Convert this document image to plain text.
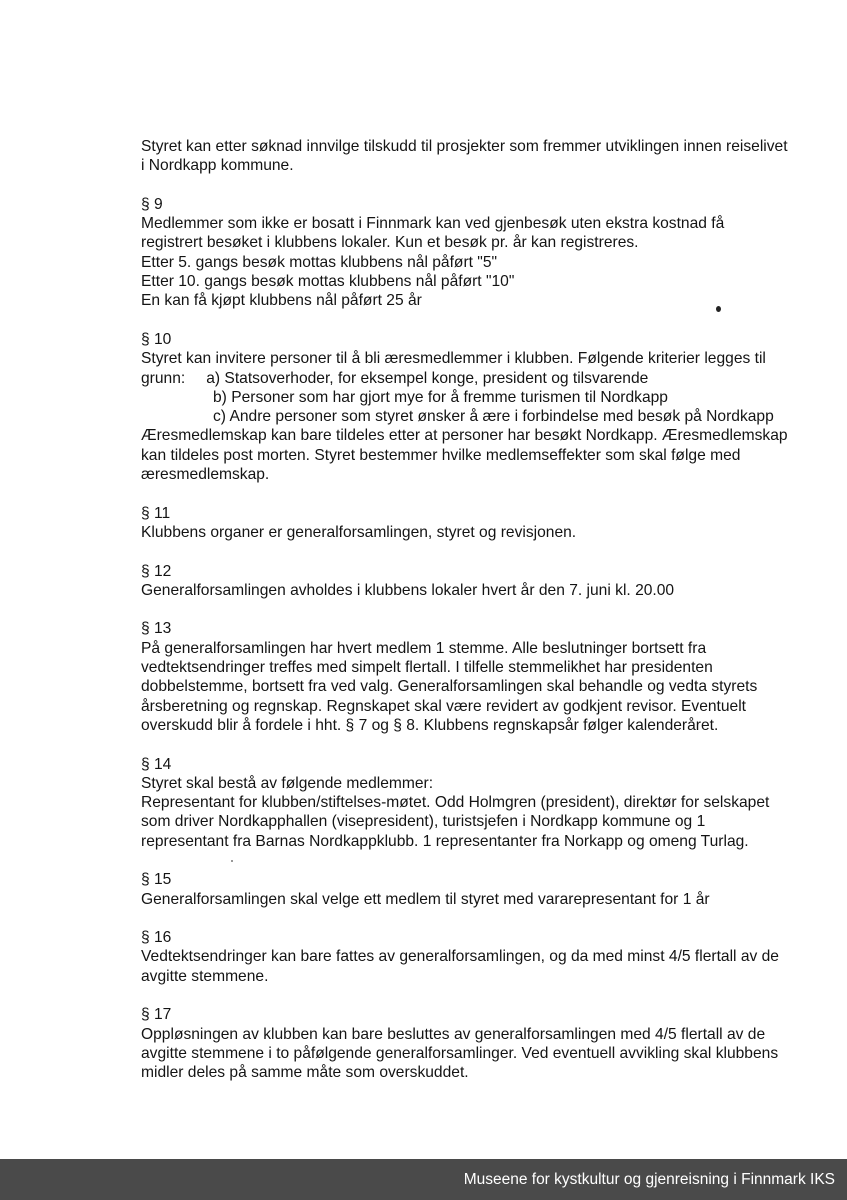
Styret kan etter søknad innvilge tilskudd til prosjekter som fremmer utviklingen innen reiselivet
i Nordkapp kommune.
§ 9
Medlemmer som ikke er bosatt i Finnmark kan ved gjenbesøk uten ekstra kostnad få
registrert besøket i klubbens lokaler. Kun et besøk pr. år kan registreres.
Etter 5. gangs besøk mottas klubbens nål påført "5"
Etter 10. gangs besøk mottas klubbens nål påført "10"
En kan få kjøpt klubbens nål påført 25 år
§ 10
Styret kan invitere personer til å bli æresmedlemmer i klubben. Følgende kriterier legges til
grunn: a) Statsoverhoder, for eksempel konge, president og tilsvarende
b) Personer som har gjort mye for å fremme turismen til Nordkapp
c) Andre personer som styret ønsker å ære i forbindelse med besøk på Nordkapp
Æresmedlemskap kan bare tildeles etter at personer har besøkt Nordkapp. Æresmedlemskap
kan tildeles post morten. Styret bestemmer hvilke medlemseffekter som skal følge med
æresmedlemskap.
§ 11
Klubbens organer er generalforsamlingen, styret og revisjonen.
§ 12
Generalforsamlingen avholdes i klubbens lokaler hvert år den 7. juni kl. 20.00
§ 13
På generalforsamlingen har hvert medlem 1 stemme. Alle beslutninger bortsett fra
vedtektsendringer treffes med simpelt flertall. I tilfelle stemmelikhet har presidenten
dobbelstemme, bortsett fra ved valg. Generalforsamlingen skal behandle og vedta styrets
årsberetning og regnskap. Regnskapet skal være revidert av godkjent revisor. Eventuelt
overskudd blir å fordele i hht. § 7 og § 8. Klubbens regnskapsår følger kalenderåret.
§ 14
Styret skal bestå av følgende medlemmer:
Representant for klubben/stiftelses-møtet. Odd Holmgren (president), direktør for selskapet
som driver Nordkapphallen (visepresident), turistsjefen i Nordkapp kommune og 1
representant fra Barnas Nordkappklubb. 1 representanter fra Norkapp og omeng Turlag.
§ 15
Generalforsamlingen skal velge ett medlem til styret med vararepresentant for 1 år
§ 16
Vedtektsendringer kan bare fattes av generalforsamlingen, og da med minst 4/5 flertall av de
avgitte stemmene.
§ 17
Oppløsningen av klubben kan bare besluttes av generalforsamlingen med 4/5 flertall av de
avgitte stemmene i to påfølgende generalforsamlinger. Ved eventuell avvikling skal klubbens
midler deles på samme måte som overskuddet.
Museene for kystkultur og gjenreisning i Finnmark IKS
